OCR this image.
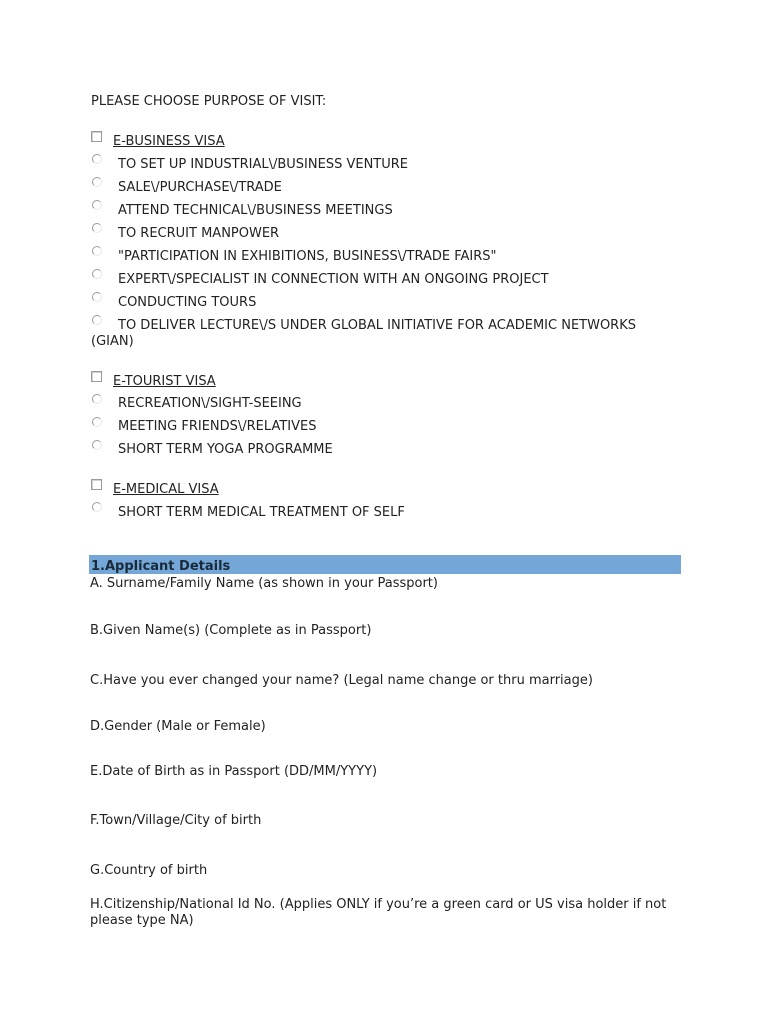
PLEASE CHOOSE PURPOSE OF VISIT:
E-BUSINESS VISA
TO SET UP INDUSTRIAL\/BUSINESS VENTURE
SALE\/PURCHASE\/TRADE
ATTEND TECHNICAL\/BUSINESS MEETINGS
TO RECRUIT MANPOWER
"PARTICIPATION IN EXHIBITIONS, BUSINESS\/TRADE FAIRS"
EXPERT\/SPECIALIST IN CONNECTION WITH AN ONGOING PROJECT
CONDUCTING TOURS
TO DELIVER LECTURE\/S UNDER GLOBAL INITIATIVE FOR ACADEMIC NETWORKS
(GIAN)
E-TOURIST VISA
RECREATION\/SIGHT-SEEING
MEETING FRIENDS\/RELATIVES
SHORT TERM YOGA PROGRAMME
E-MEDICAL VISA
SHORT TERM MEDICAL TREATMENT OF SELF
1.Applicant Details
A. Surname/Family Name (as shown in your Passport)
B.Given Name(s) (Complete as in Passport)
C.Have you ever changed your name? (Legal name change or thru marriage)
D.Gender (Male or Female)
E.Date of Birth as in Passport (DD/MM/YYYY)
F.Town/Village/City of birth
G.Country of birth
H.Citizenship/National Id No. (Applies ONLY if you’re a green card or US visa holder if not please type NA)
